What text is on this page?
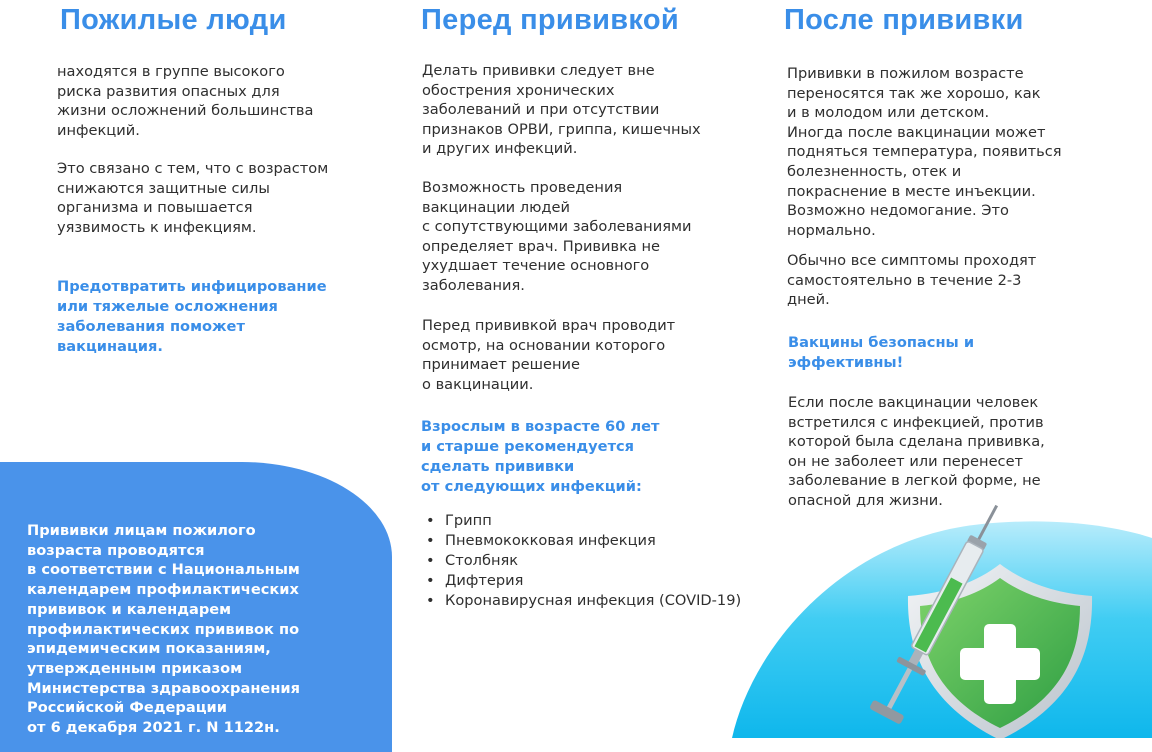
Пожилые люди

находятся в группе высокого
риска развития опасных для
жизни осложнений большинства
инфекций.

Это связано с тем, что с возрастом
снижаются защитные силы
организма и повышается
уязвимость к инфекциям.

Предотвратить инфицирование
или тяжелые осложнения
заболевания поможет
вакцинация.

Прививки лицам пожилого
возраста проводятся
в соответствии с Национальным
календарем профилактических
прививок и календарем
профилактических прививок по
эпидемическим показаниям,
утвержденным приказом
Министерства здравоохранения
Российской Федерации
от 6 декабря 2021 г. N 1122н.

Перед прививкой

Делать прививки следует вне
обострения хронических
заболеваний и при отсутствии
признаков ОРВИ, гриппа, кишечных
и других инфекций.

Возможность проведения
вакцинации людей
с сопутствующими заболеваниями
определяет врач. Прививка не
ухудшает течение основного
заболевания.

Перед прививкой врач проводит
осмотр, на основании которого
принимает решение
о вакцинации.

Взрослым в возрасте 60 лет
и старше рекомендуется
сделать прививки
от следующих инфекций:

• Грипп
• Пневмококковая инфекция
• Столбняк
• Дифтерия
• Коронавирусная инфекция (COVID-19)
После прививки

Прививки в пожилом возрасте
переносятся так же хорошо, как
и в молодом или детском.
Иногда после вакцинации может
подняться температура, появиться
болезненность, отек и
покраснение в месте инъекции.
Возможно недомогание. Это
нормально.

Обычно все симптомы проходят
самостоятельно в течение 2-3
дней.

Вакцины безопасны и
эффективны!

Если после вакцинации человек
встретился с инфекцией, против
которой была сделана прививка,
он не заболеет или перенесет
заболевание в легкой форме, не
опасной для жизни.
